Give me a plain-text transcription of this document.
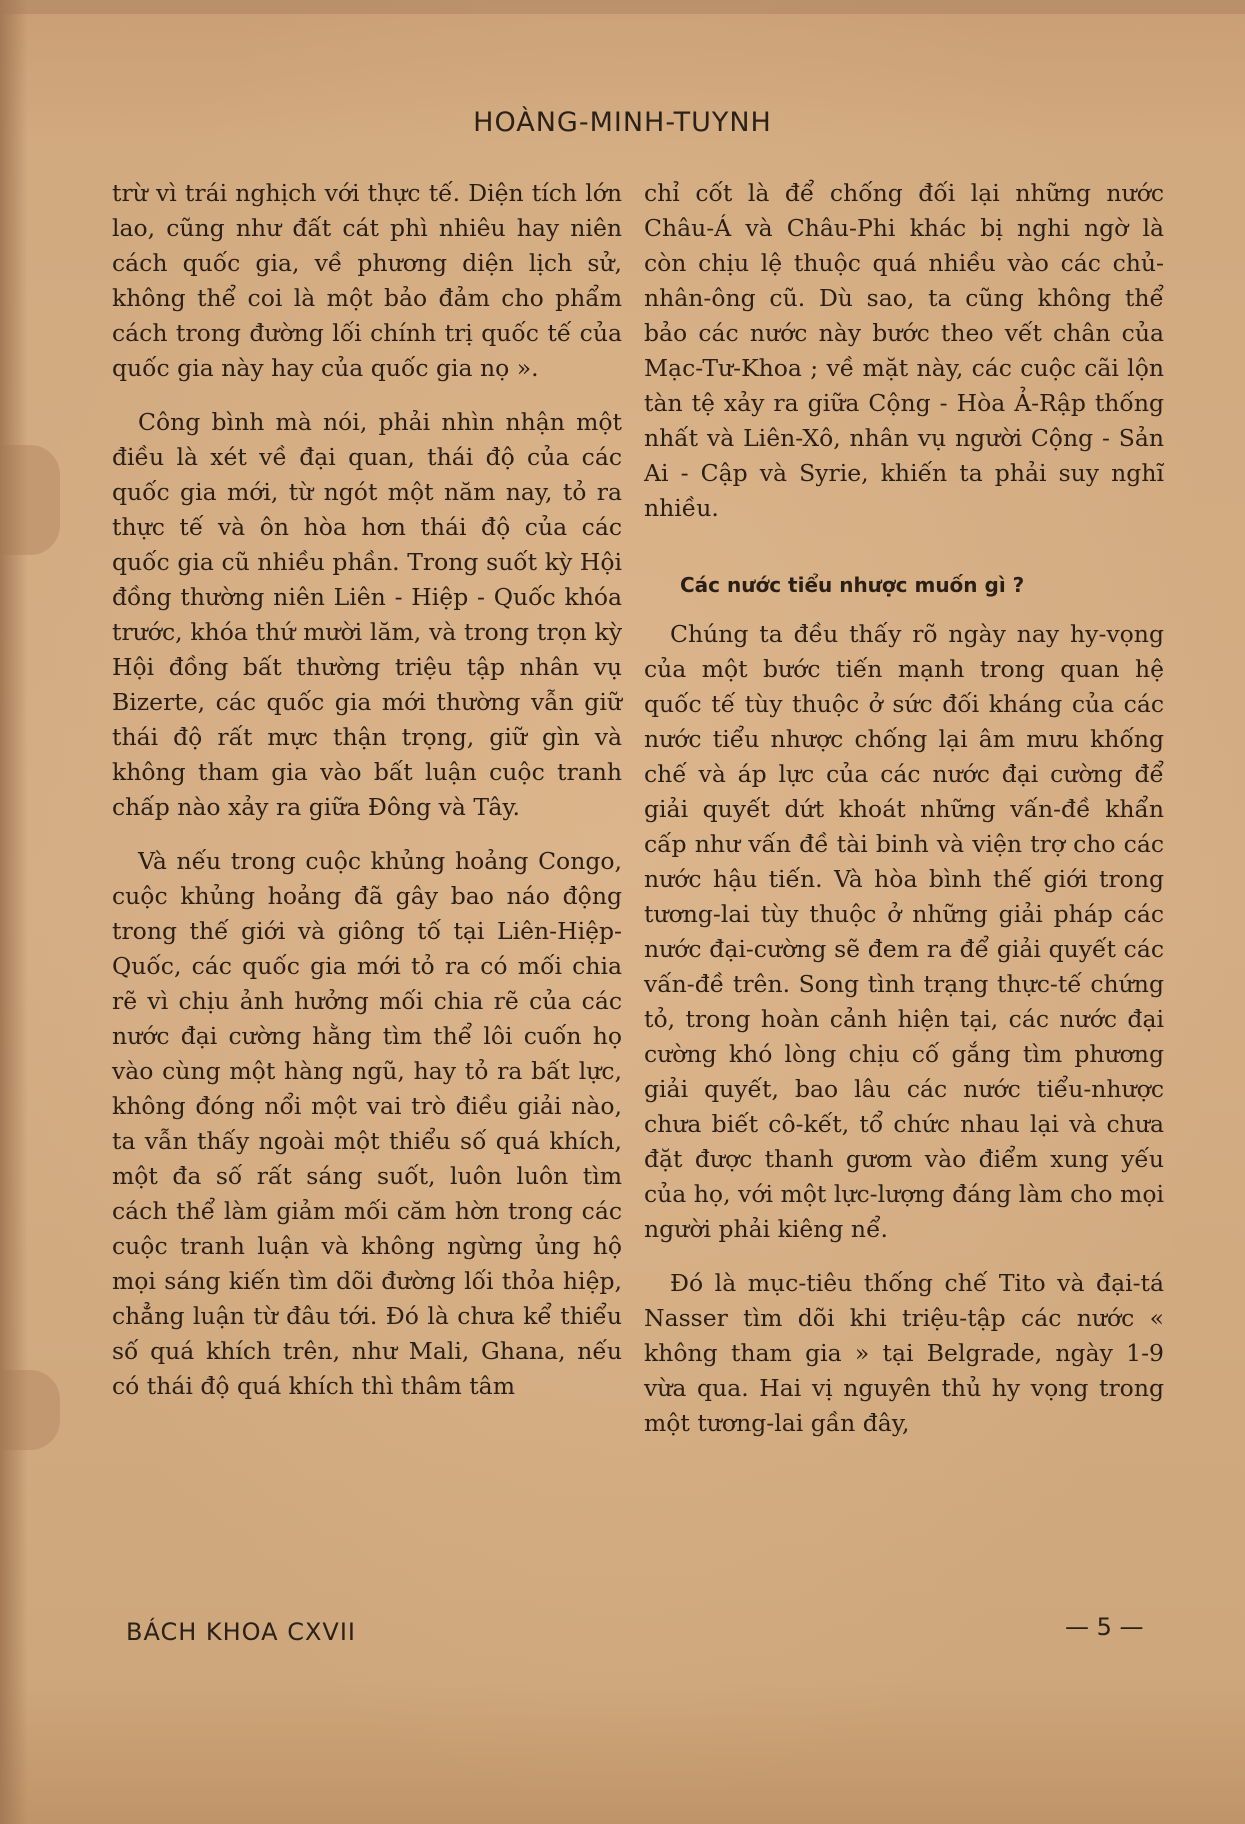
HOÀNG-MINH-TUYNH

trừ vì trái nghịch với thực tế. Diện tích lớn lao, cũng như đất cát phì nhiêu hay niên cách quốc gia, về phương diện lịch sử, không thể coi là một bảo đảm cho phẩm cách trong đường lối chính trị quốc tế của quốc gia này hay của quốc gia nọ ».

Công bình mà nói, phải nhìn nhận một điều là xét về đại quan, thái độ của các quốc gia mới, từ ngót một năm nay, tỏ ra thực tế và ôn hòa hơn thái độ của các quốc gia cũ nhiều phần. Trong suốt kỳ Hội đồng thường niên Liên - Hiệp - Quốc khóa trước, khóa thứ mười lăm, và trong trọn kỳ Hội đồng bất thường triệu tập nhân vụ Bizerte, các quốc gia mới thường vẫn giữ thái độ rất mực thận trọng, giữ gìn và không tham gia vào bất luận cuộc tranh chấp nào xảy ra giữa Đông và Tây.

Và nếu trong cuộc khủng hoảng Congo, cuộc khủng hoảng đã gây bao náo động trong thế giới và giông tố tại Liên-Hiệp-Quốc, các quốc gia mới tỏ ra có mối chia rẽ vì chịu ảnh hưởng mối chia rẽ của các nước đại cường hằng tìm thể lôi cuốn họ vào cùng một hàng ngũ, hay tỏ ra bất lực, không đóng nổi một vai trò điều giải nào, ta vẫn thấy ngoài một thiểu số quá khích, một đa số rất sáng suốt, luôn luôn tìm cách thể làm giảm mối căm hờn trong các cuộc tranh luận và không ngừng ủng hộ mọi sáng kiến tìm dõi đường lối thỏa hiệp, chẳng luận từ đâu tới. Đó là chưa kể thiểu số quá khích trên, như Mali, Ghana, nếu có thái độ quá khích thì thâm tâm

chỉ cốt là để chống đối lại những nước Châu-Á và Châu-Phi khác bị nghi ngờ là còn chịu lệ thuộc quá nhiều vào các chủ-nhân-ông cũ. Dù sao, ta cũng không thể bảo các nước này bước theo vết chân của Mạc-Tư-Khoa ; về mặt này, các cuộc cãi lộn tàn tệ xảy ra giữa Cộng - Hòa Ả-Rập thống nhất và Liên-Xô, nhân vụ người Cộng - Sản Ai - Cập và Syrie, khiến ta phải suy nghĩ nhiều.

Các nước tiểu nhược muốn gì ?

Chúng ta đều thấy rõ ngày nay hy-vọng của một bước tiến mạnh trong quan hệ quốc tế tùy thuộc ở sức đối kháng của các nước tiểu nhược chống lại âm mưu khống chế và áp lực của các nước đại cường để giải quyết dứt khoát những vấn-đề khẩn cấp như vấn đề tài binh và viện trợ cho các nước hậu tiến. Và hòa bình thế giới trong tương-lai tùy thuộc ở những giải pháp các nước đại-cường sẽ đem ra để giải quyết các vấn-đề trên. Song tình trạng thực-tế chứng tỏ, trong hoàn cảnh hiện tại, các nước đại cường khó lòng chịu cố gắng tìm phương giải quyết, bao lâu các nước tiểu-nhược chưa biết cô-kết, tổ chức nhau lại và chưa đặt được thanh gươm vào điểm xung yếu của họ, với một lực-lượng đáng làm cho mọi người phải kiêng nể.

Đó là mục-tiêu thống chế Tito và đại-tá Nasser tìm dõi khi triệu-tập các nước « không tham gia » tại Belgrade, ngày 1-9 vừa qua. Hai vị nguyên thủ hy vọng trong một tương-lai gần đây,

BÁCH KHOA CXVII	— 5 —
